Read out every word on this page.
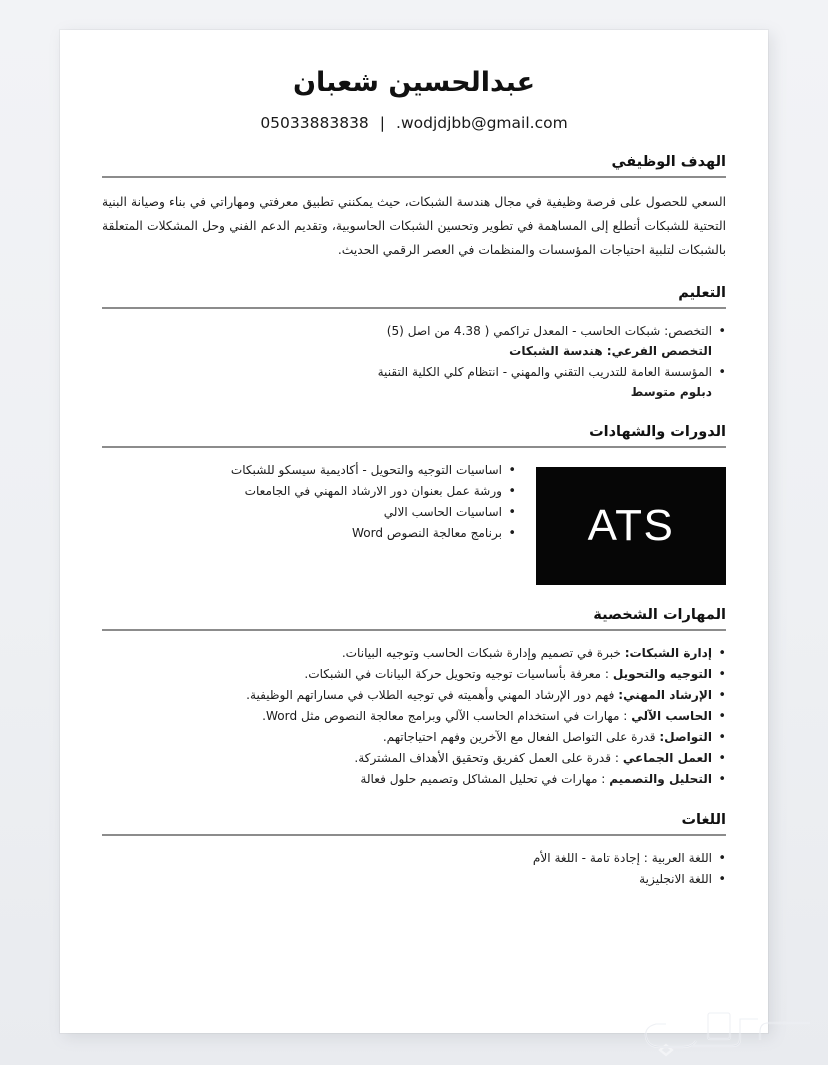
عبدالحسين شعبان
05033883838 | .wodjdjbb@gmail.com
الهدف الوظيفي
السعي للحصول على فرصة وظيفية في مجال هندسة الشبكات، حيث يمكنني تطبيق معرفتي ومهاراتي في بناء وصيانة البنية التحتية للشبكات أتطلع إلى المساهمة في تطوير وتحسين الشبكات الحاسوبية، وتقديم الدعم الفني وحل المشكلات المتعلقة بالشبكات لتلبية احتياجات المؤسسات والمنظمات في العصر الرقمي الحديث.
التعليم
• التخصص: شبكات الحاسب - المعدل تراكمي ( 4.38 من اصل (5)
التخصص الفرعي: هندسة الشبكات
• المؤسسة العامة للتدريب التقني والمهني - انتظام كلي الكلية التقنية
دبلوم متوسط
الدورات والشهادات
• اساسيات التوجيه والتحويل - أكاديمية سيسكو للشبكات
• ورشة عمل بعنوان دور الارشاد المهني في الجامعات
• اساسيات الحاسب الالي
• برنامج معالجة النصوص Word	ATS
المهارات الشخصية
• إدارة الشبكات: خبرة في تصميم وإدارة شبكات الحاسب وتوجيه البيانات.
• التوجيه والتحويل : معرفة بأساسيات توجيه وتحويل حركة البيانات في الشبكات.
• الإرشاد المهني: فهم دور الإرشاد المهني وأهميته في توجيه الطلاب في مساراتهم الوظيفية.
• الحاسب الآلي : مهارات في استخدام الحاسب الآلي وبرامج معالجة النصوص مثل Word.
• التواصل: قدرة على التواصل الفعال مع الآخرين وفهم احتياجاتهم.
• العمل الجماعي : قدرة على العمل كفريق وتحقيق الأهداف المشتركة.
• التحليل والتصميم : مهارات في تحليل المشاكل وتصميم حلول فعالة
اللغات
• اللغة العربية : إجادة تامة - اللغة الأم
• اللغة الانجليزية
